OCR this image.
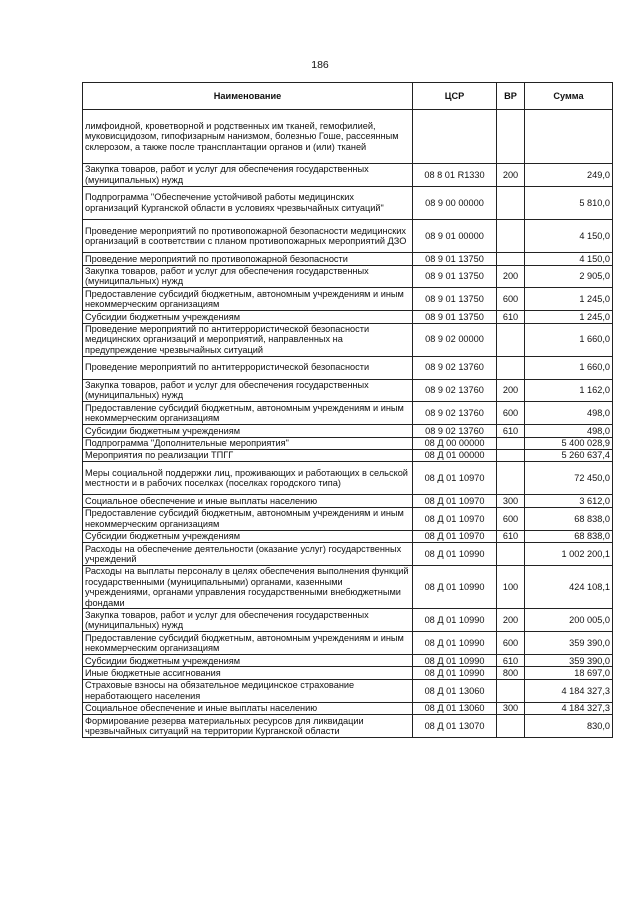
186
Наименование	ЦСР	ВР	Сумма
лимфоидной, кроветворной и родственных им тканей, гемофилией, муковисцидозом, гипофизарным нанизмом, болезнью Гоше, рассеянным склерозом, а также после трансплантации органов и (или) тканей			
Закупка товаров, работ и услуг для обеспечения государственных (муниципальных) нужд	08 8 01 R1330	200	249,0
Подпрограмма "Обеспечение устойчивой работы медицинских организаций Курганской области в условиях чрезвычайных ситуаций"	08 9 00 00000		5 810,0
Проведение мероприятий по противопожарной безопасности медицинских организаций в соответствии с планом противопожарных мероприятий ДЗО	08 9 01 00000		4 150,0
Проведение мероприятий по противопожарной безопасности	08 9 01 13750		4 150,0
Закупка товаров, работ и услуг для обеспечения государственных (муниципальных) нужд	08 9 01 13750	200	2 905,0
Предоставление субсидий бюджетным, автономным учреждениям и иным некоммерческим организациям	08 9 01 13750	600	1 245,0
Субсидии бюджетным учреждениям	08 9 01 13750	610	1 245,0
Проведение мероприятий по антитеррористической безопасности медицинских организаций и мероприятий, направленных на предупреждение чрезвычайных ситуаций	08 9 02 00000		1 660,0
Проведение мероприятий по антитеррористической безопасности	08 9 02 13760		1 660,0
Закупка товаров, работ и услуг для обеспечения государственных (муниципальных) нужд	08 9 02 13760	200	1 162,0
Предоставление субсидий бюджетным, автономным учреждениям и иным некоммерческим организациям	08 9 02 13760	600	498,0
Субсидии бюджетным учреждениям	08 9 02 13760	610	498,0
Подпрограмма "Дополнительные мероприятия"	08 Д 00 00000		5 400 028,9
Мероприятия по реализации ТПГГ	08 Д 01 00000		5 260 637,4
Меры социальной поддержки лиц, проживающих и работающих в сельской местности и в рабочих поселках (поселках городского типа)	08 Д 01 10970		72 450,0
Социальное обеспечение и иные выплаты населению	08 Д 01 10970	300	3 612,0
Предоставление субсидий бюджетным, автономным учреждениям и иным некоммерческим организациям	08 Д 01 10970	600	68 838,0
Субсидии бюджетным учреждениям	08 Д 01 10970	610	68 838,0
Расходы на обеспечение деятельности (оказание услуг) государственных учреждений	08 Д 01 10990		1 002 200,1
Расходы на выплаты персоналу в целях обеспечения выполнения функций государственными (муниципальными) органами, казенными учреждениями, органами управления государственными внебюджетными фондами	08 Д 01 10990	100	424 108,1
Закупка товаров, работ и услуг для обеспечения государственных (муниципальных) нужд	08 Д 01 10990	200	200 005,0
Предоставление субсидий бюджетным, автономным учреждениям и иным некоммерческим организациям	08 Д 01 10990	600	359 390,0
Субсидии бюджетным учреждениям	08 Д 01 10990	610	359 390,0
Иные бюджетные ассигнования	08 Д 01 10990	800	18 697,0
Страховые взносы на обязательное медицинское страхование неработающего населения	08 Д 01 13060		4 184 327,3
Социальное обеспечение и иные выплаты населению	08 Д 01 13060	300	4 184 327,3
Формирование резерва материальных ресурсов для ликвидации чрезвычайных ситуаций на территории Курганской области	08 Д 01 13070		830,0
